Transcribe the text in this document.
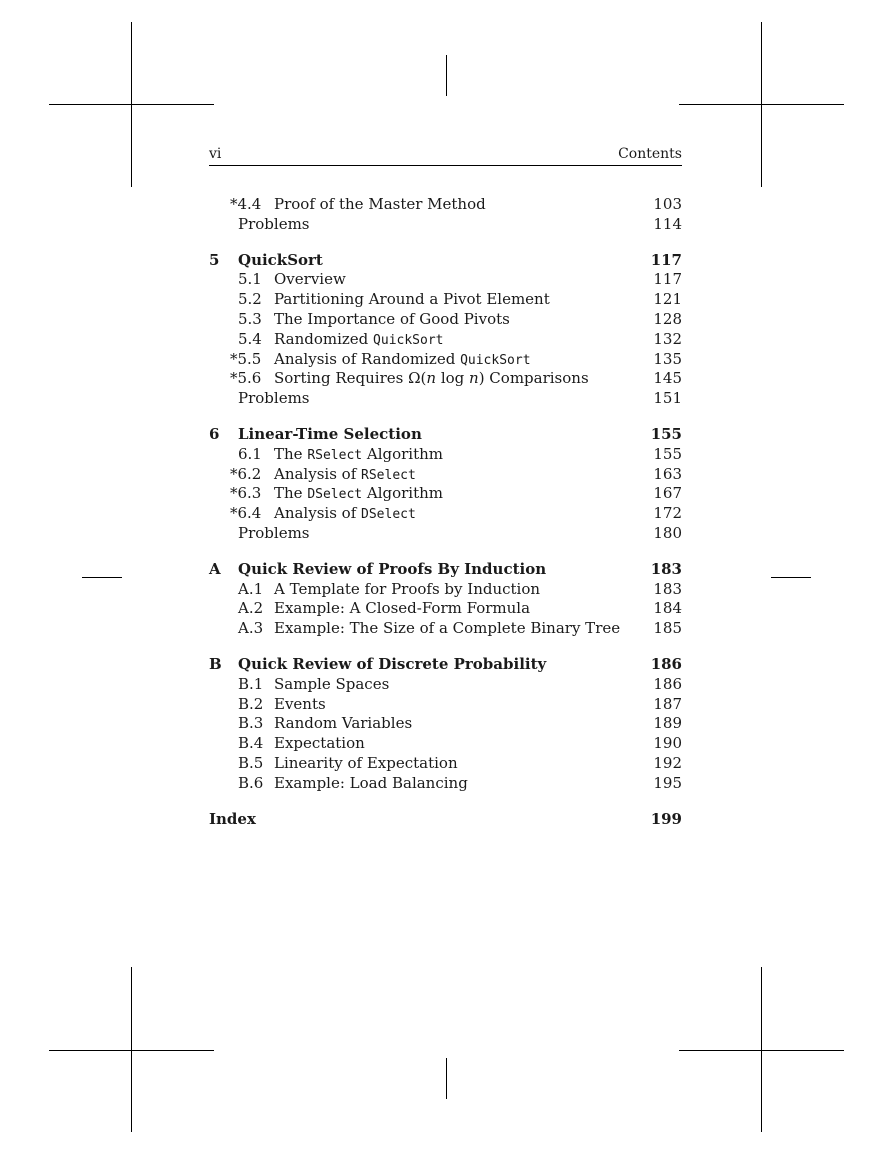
vi	Contents
*4.4 Proof of the Master Method	103
Problems	114
5 QuickSort	117
5.1 Overview	117
5.2 Partitioning Around a Pivot Element	121
5.3 The Importance of Good Pivots	128
5.4 Randomized QuickSort	132
*5.5 Analysis of Randomized QuickSort	135
*5.6 Sorting Requires Ω(n log n) Comparisons	145
Problems	151
6 Linear-Time Selection	155
6.1 The RSelect Algorithm	155
*6.2 Analysis of RSelect	163
*6.3 The DSelect Algorithm	167
*6.4 Analysis of DSelect	172
Problems	180
A Quick Review of Proofs By Induction	183
A.1 A Template for Proofs by Induction	183
A.2 Example: A Closed-Form Formula	184
A.3 Example: The Size of a Complete Binary Tree 185
B Quick Review of Discrete Probability	186
B.1 Sample Spaces	186
B.2 Events	187
B.3 Random Variables	189
B.4 Expectation	190
B.5 Linearity of Expectation	192
B.6 Example: Load Balancing	195
Index	199
